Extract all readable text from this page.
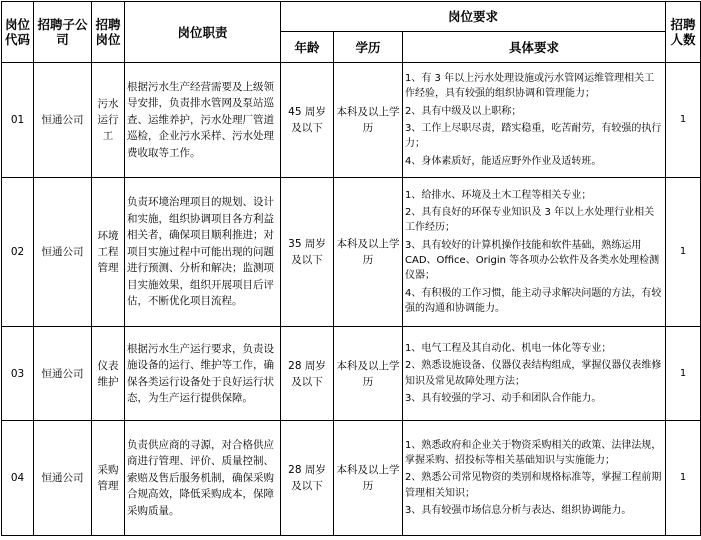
岗位代码	招聘子公司	招聘岗位	岗位职责	岗位要求			招聘人数
				年龄	学历	具体要求	
01	恒通公司	污水运行工	根据污水生产经营需要及上级领导安排，负责排水管网及泵站巡查、运维养护，污水处理厂管道巡检，企业污水采样、污水处理费收取等工作。	45 周岁及以下	本科及以上学历	1、有 3 年以上污水处理设施或污水管网运维管理相关工作经验，具有较强的组织协调和管理能力；

2、具有中级及以上职称；

3、工作上尽职尽责，踏实稳重，吃苦耐劳，有较强的执行力；

4、身体素质好，能适应野外作业及适转班。	1
02	恒通公司	环境工程管理	负责环境治理项目的规划、设计和实施，组织协调项目各方利益相关者，确保项目顺利推进；对项目实施过程中可能出现的问题进行预测、分析和解决；监测项目实施效果，组织开展项目后评估，不断优化项目流程。	35 周岁及以下	本科及以上学历	1、给排水、环境及土木工程等相关专业；

2、具有良好的环保专业知识及 3 年以上水处理行业相关工作经历；

3、具有较好的计算机操作技能和软件基础，熟练运用 CAD、Office、Origin 等各项办公软件及各类水处理检测仪器；

4、有积极的工作习惯，能主动寻求解决问题的方法，有较强的沟通和协调能力。	1
03	恒通公司	仪表维护	根据污水生产运行要求，负责设施设备的运行、维护等工作，确保各类运行设备处于良好运行状态，为生产运行提供保障。	28 周岁及以下	本科及以上学历	1、电气工程及其自动化、机电一体化等专业；

2、熟悉设施设备、仪器仪表结构组成，掌握仪器仪表维修知识及常见故障处理方法；

3、具有较强的学习、动手和团队合作能力。	1
04	恒通公司	采购管理	负责供应商的寻源，对合格供应商进行管理、评价、质量控制、索赔及售后服务机制，确保采购合规高效，降低采购成本，保障采购质量。	28 周岁及以下	本科及以上学历	1、熟悉政府和企业关于物资采购相关的政策、法律法规，掌握采购、招投标等相关基础知识与实施能力；

2、熟悉公司常见物资的类别和规格标准等，掌握工程前期管理相关知识；

3、具有较强市场信息分析与表达、组织协调能力。	1
